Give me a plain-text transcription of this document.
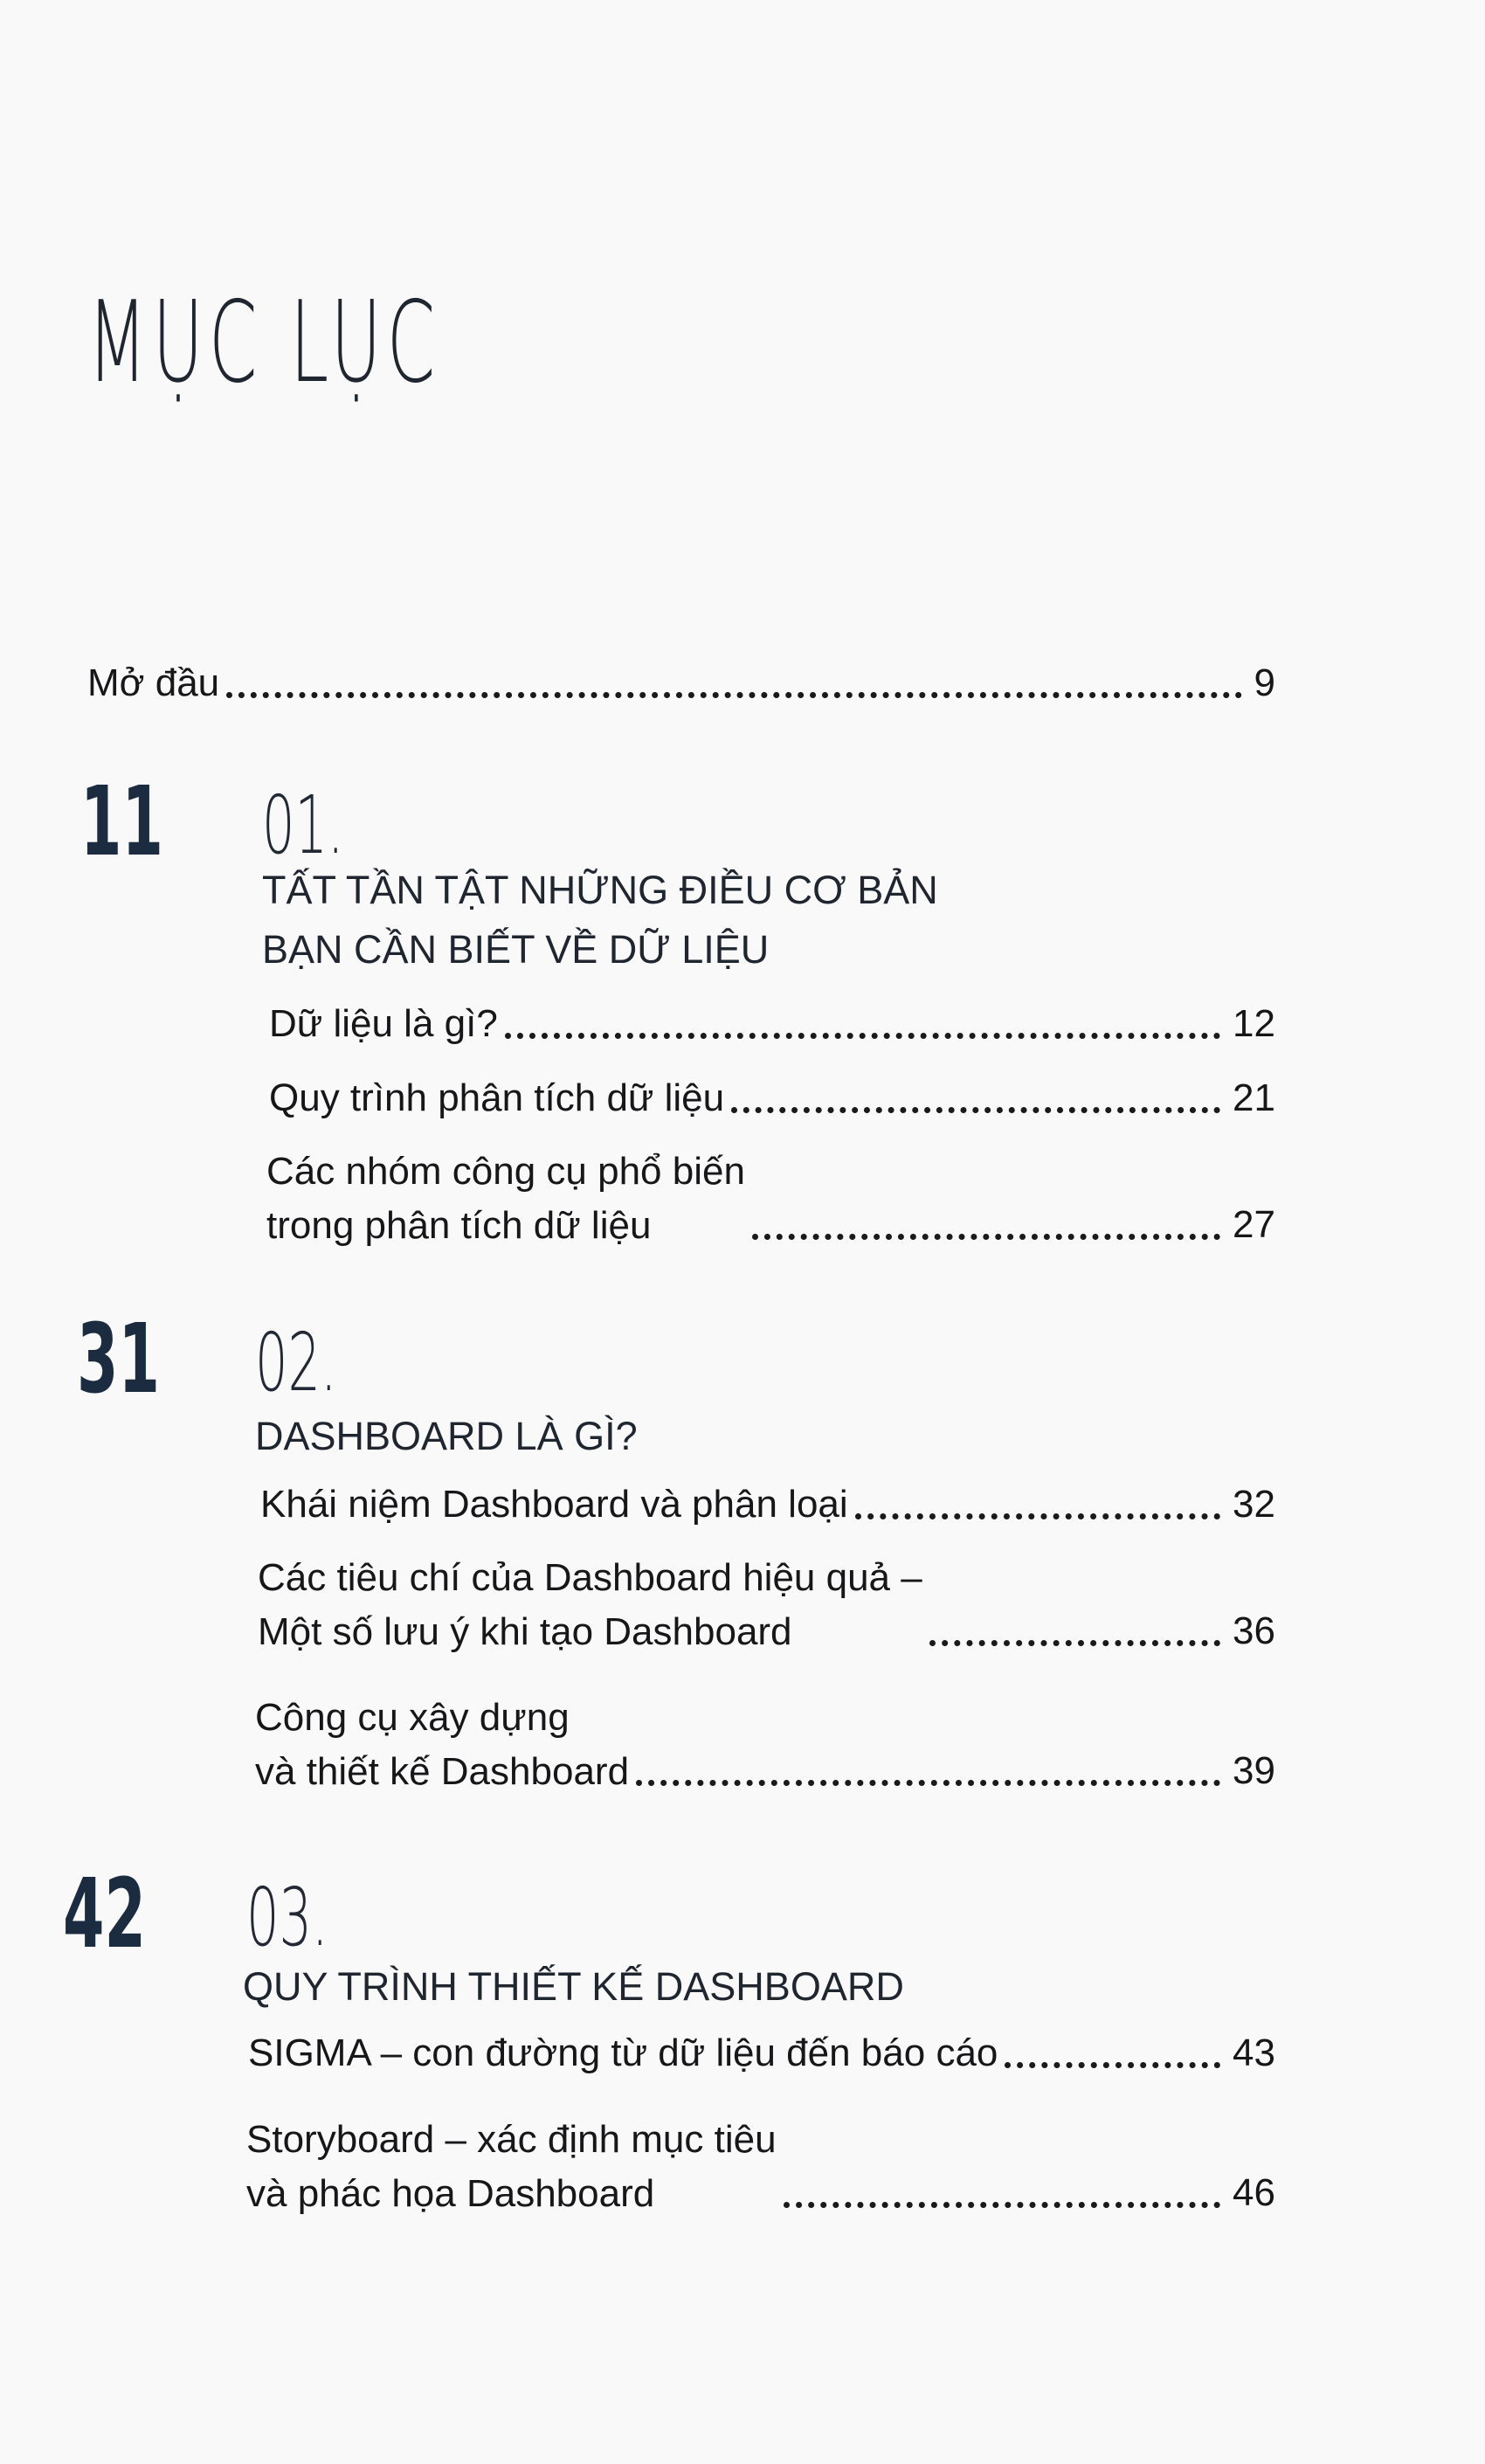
MỤC LỤC
Mở đầu	9
11 01.
TẤT TẦN TẬT NHỮNG ĐIỀU CƠ BẢN
BẠN CẦN BIẾT VỀ DỮ LIỆU
Dữ liệu là gì?	12
Quy trình phân tích dữ liệu	21
Các nhóm công cụ phổ biến
trong phân tích dữ liệu	27
31 02.
DASHBOARD LÀ GÌ?
Khái niệm Dashboard và phân loại	32
Các tiêu chí của Dashboard hiệu quả –
Một số lưu ý khi tạo Dashboard	36
Công cụ xây dựng
và thiết kế Dashboard	39
42 03.
QUY TRÌNH THIẾT KẾ DASHBOARD
SIGMA – con đường từ dữ liệu đến báo cáo	43
Storyboard – xác định mục tiêu
và phác họa Dashboard	46
